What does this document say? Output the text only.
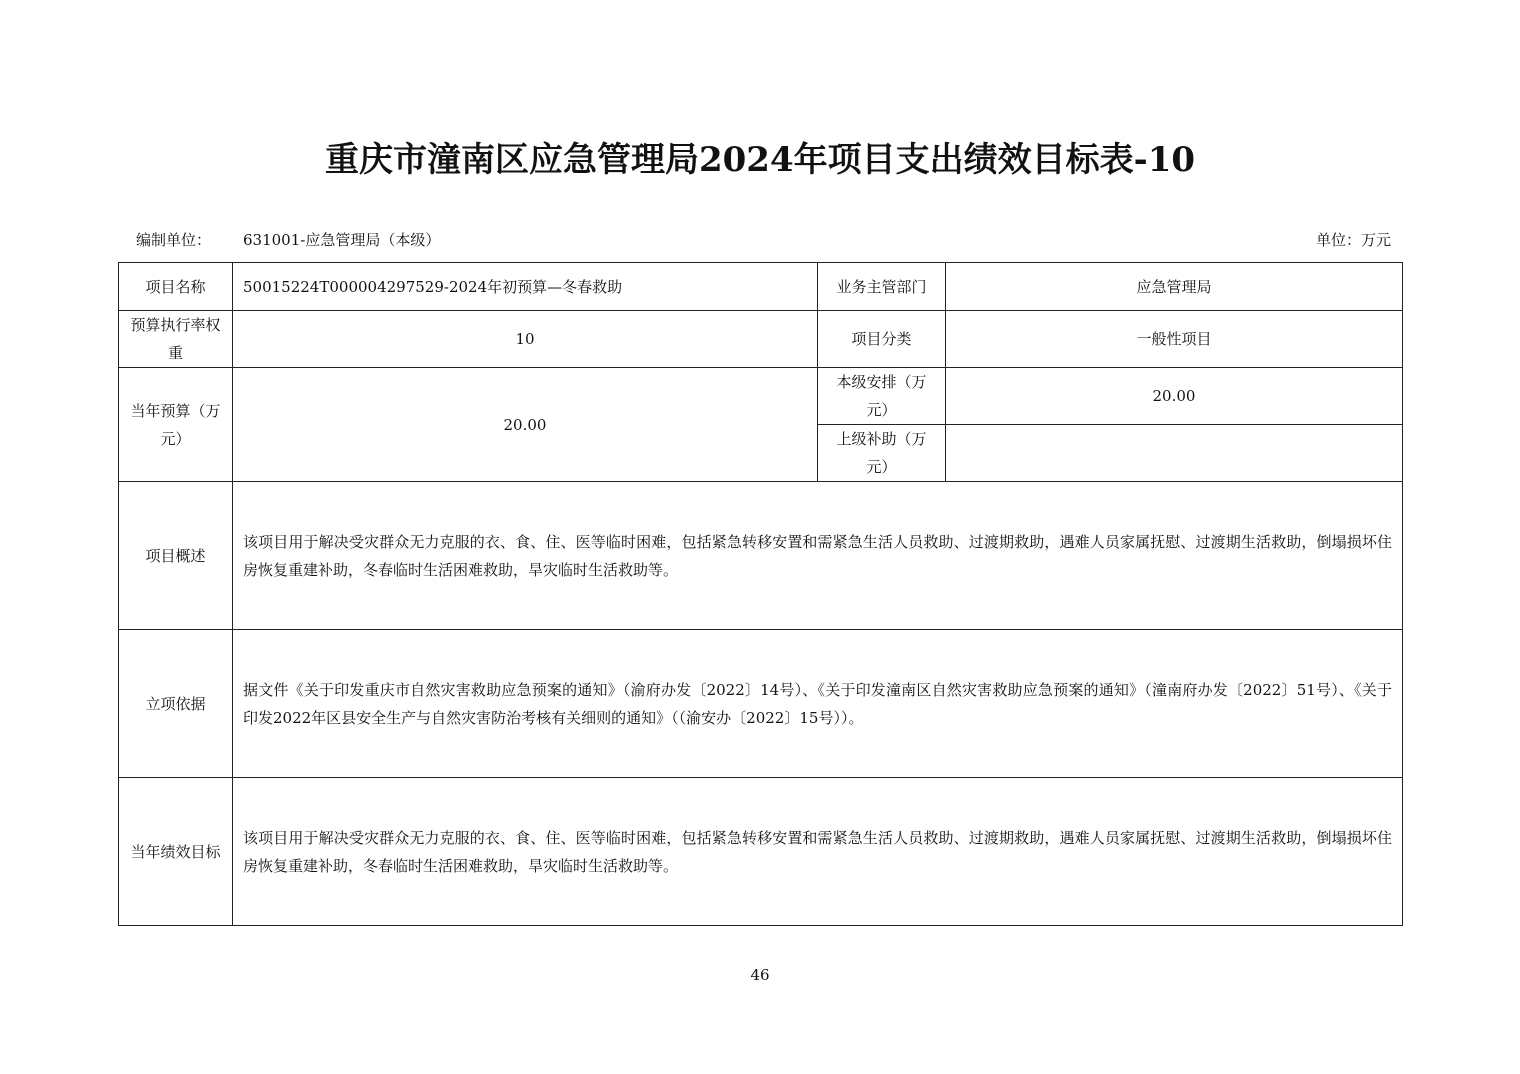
重庆市潼南区应急管理局2024年项目支出绩效目标表-10
编制单位： 631001-应急管理局（本级）	单位：万元
项目名称	50015224T000004297529-2024年初预算—冬春救助	业务主管部门	应急管理局
预算执行率权重	10	项目分类	一般性项目
当年预算（万元）	20.00	本级安排（万元）	20.00
		上级补助（万元）	
项目概述	该项目用于解决受灾群众无力克服的衣、食、住、医等临时困难，包括紧急转移安置和需紧急生活人员救助、过渡期救助，遇难人员家属抚慰、过渡期生活救助，倒塌损坏住房恢复重建补助，冬春临时生活困难救助，旱灾临时生活救助等。		
立项依据	据文件《关于印发重庆市自然灾害救助应急预案的通知》（渝府办发〔2022〕14号）、《关于印发潼南区自然灾害救助应急预案的通知》（潼南府办发〔2022〕51号）、《关于印发2022年区县安全生产与自然灾害防治考核有关细则的通知》（（渝安办〔2022〕15号））。		
当年绩效目标	该项目用于解决受灾群众无力克服的衣、食、住、医等临时困难，包括紧急转移安置和需紧急生活人员救助、过渡期救助，遇难人员家属抚慰、过渡期生活救助，倒塌损坏住房恢复重建补助，冬春临时生活困难救助，旱灾临时生活救助等。		
46
